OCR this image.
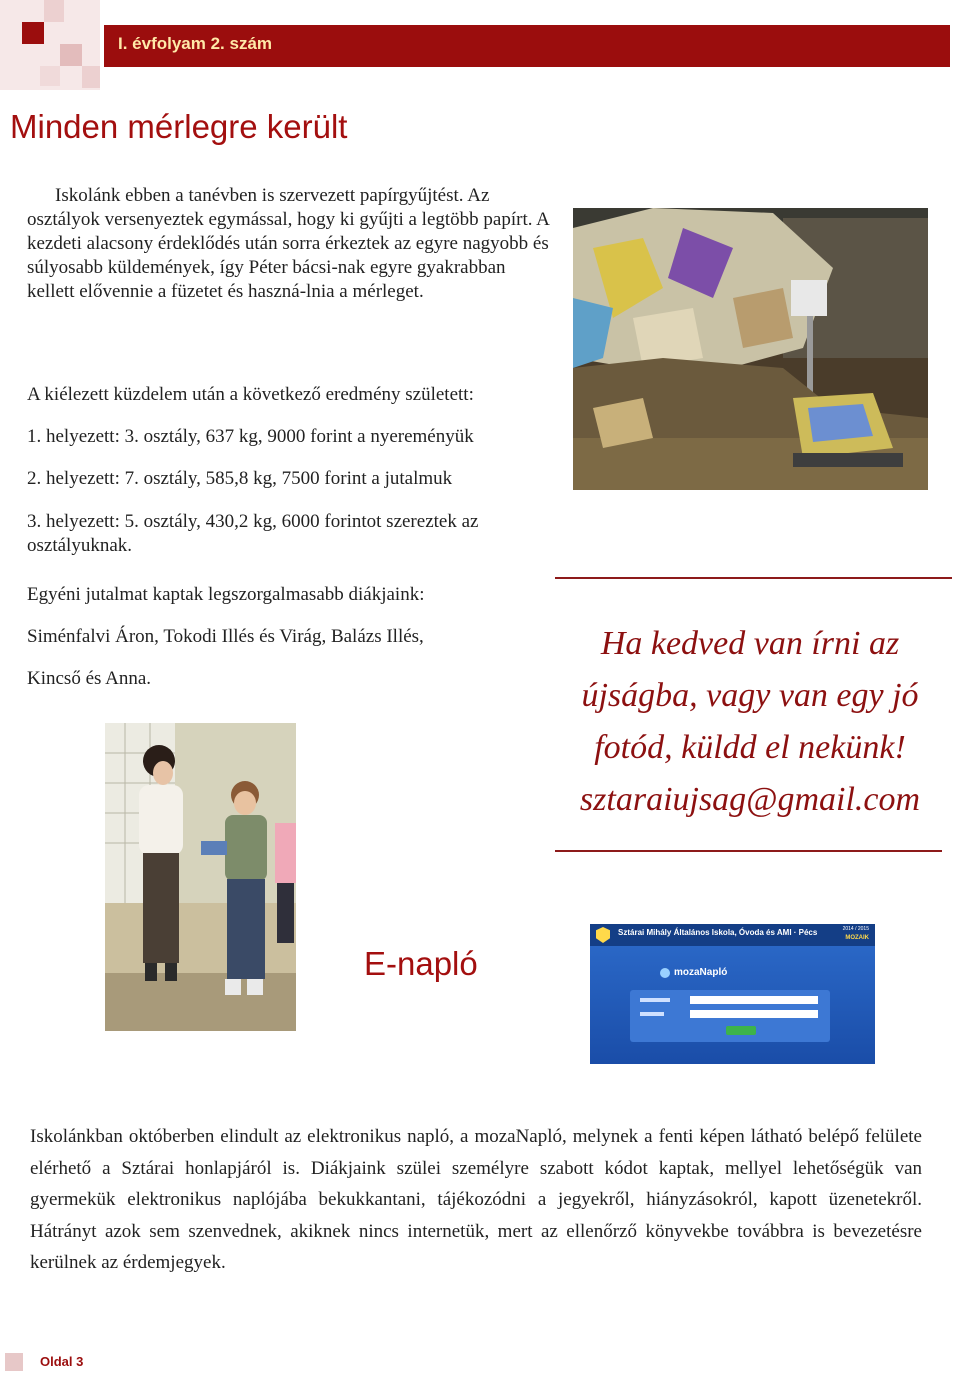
I. évfolyam 2. szám
Minden mérlegre került
Iskolánk ebben a tanévben is szervezett papírgyűjtést. Az osztályok versenyeztek egymással, hogy ki gyűjti a legtöbb papírt. A kezdeti alacsony érdeklődés után sorra érkeztek az egyre nagyobb és súlyosabb küldemények, így Péter bácsi-nak egyre gyakrabban kellett elővennie a füzetet és haszná-lnia a mérleget.
A kiélezett küzdelem után a következő eredmény született:
1. helyezett: 3. osztály, 637 kg, 9000 forint a nyereményük
2. helyezett: 7. osztály, 585,8 kg, 7500 forint a jutalmuk
3. helyezett: 5. osztály, 430,2 kg, 6000 forintot szereztek az osztályuknak.
Egyéni jutalmat kaptak legszorgalmasabb diákjaink:
Siménfalvi Áron, Tokodi Illés és Virág, Balázs Illés,
Kincső és Anna.
Ha kedved van írni az
újságba, vagy van egy jó
fotód, küldd el nekünk!
sztaraiujsag@gmail.com
E-napló
Sztárai Mihály Általános Iskola, Óvoda és AMI · Pécs	2014 / 2015
MOZAIK
mozaNapló
Iskolánkban októberben elindult az elektronikus napló, a mozaNapló, melynek a fenti képen látható belépő felülete elérhető a Sztárai honlapjáról is. Diákjaink szülei személyre szabott kódot kaptak, mellyel lehetőségük van gyermekük elektronikus naplójába bekukkantani, tájékozódni a jegyekről, hiányzásokról, kapott üzenetekről. Hátrányt azok sem szenvednek, akiknek nincs internetük, mert az ellenőrző könyvekbe továbbra is bevezetésre kerülnek az érdemjegyek.
Oldal 3
